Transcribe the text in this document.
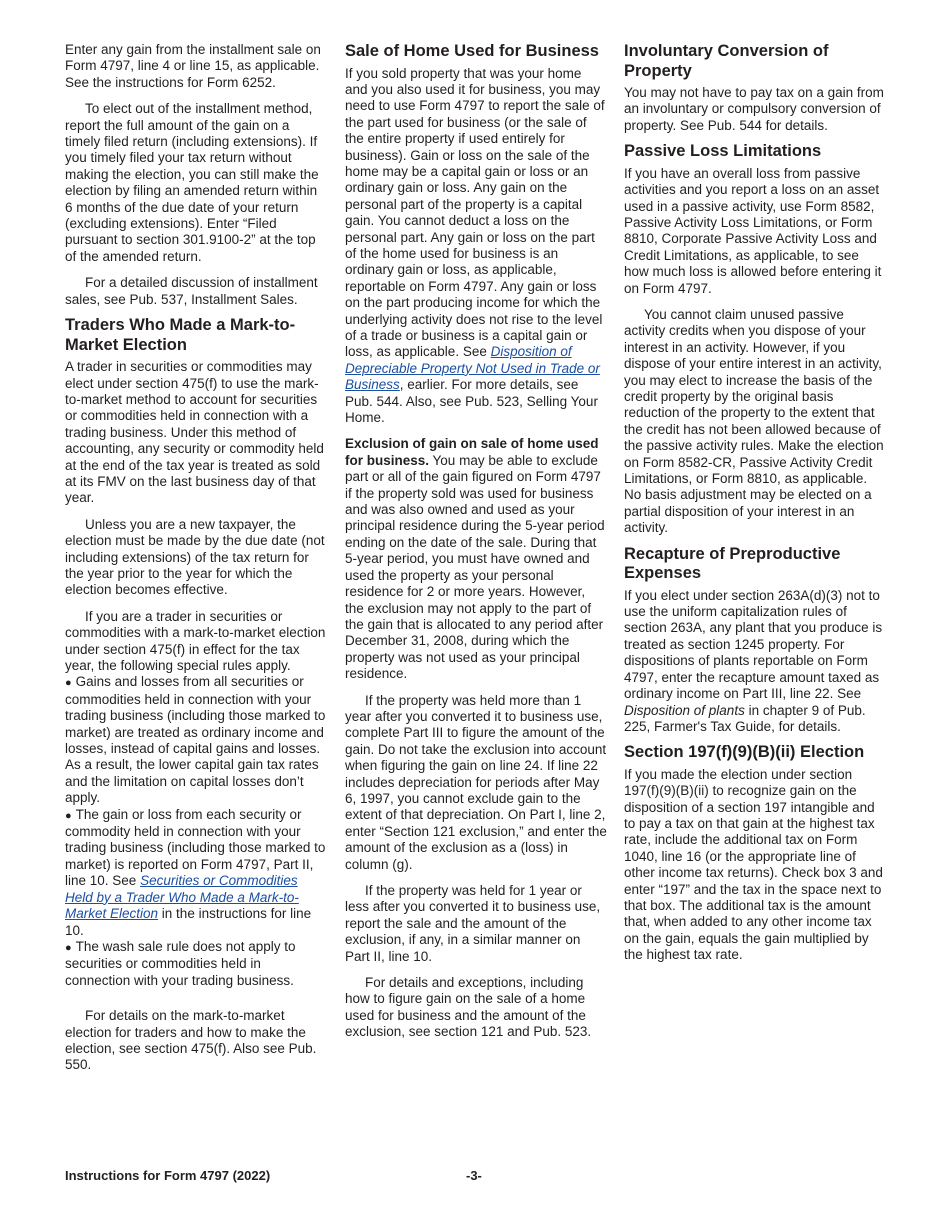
Enter any gain from the installment sale on Form 4797, line 4 or line 15, as applicable. See the instructions for Form 6252.

To elect out of the installment method, report the full amount of the gain on a timely filed return (including extensions). If you timely filed your tax return without making the election, you can still make the election by filing an amended return within 6 months of the due date of your return (excluding extensions). Enter “Filed pursuant to section 301.9100-2” at the top of the amended return.

For a detailed discussion of installment sales, see Pub. 537, Installment Sales.

Traders Who Made a Mark-to-Market Election

A trader in securities or commodities may elect under section 475(f) to use the mark-to-market method to account for securities or commodities held in connection with a trading business. Under this method of accounting, any security or commodity held at the end of the tax year is treated as sold at its FMV on the last business day of that year.

Unless you are a new taxpayer, the election must be made by the due date (not including extensions) of the tax return for the year prior to the year for which the election becomes effective.

If you are a trader in securities or commodities with a mark-to-market election under section 475(f) in effect for the tax year, the following special rules apply.

● Gains and losses from all securities or commodities held in connection with your trading business (including those marked to market) are treated as ordinary income and losses, instead of capital gains and losses. As a result, the lower capital gain tax rates and the limitation on capital losses don’t apply.

● The gain or loss from each security or commodity held in connection with your trading business (including those marked to market) is reported on Form 4797, Part II, line 10. See Securities or Commodities Held by a Trader Who Made a Mark-to-Market Election in the instructions for line 10.

● The wash sale rule does not apply to securities or commodities held in connection with your trading business.

For details on the mark-to-market election for traders and how to make the election, see section 475(f). Also see Pub. 550.

Sale of Home Used for Business

If you sold property that was your home and you also used it for business, you may need to use Form 4797 to report the sale of the part used for business (or the sale of the entire property if used entirely for business). Gain or loss on the sale of the home may be a capital gain or loss or an ordinary gain or loss. Any gain on the personal part of the property is a capital gain. You cannot deduct a loss on the personal part. Any gain or loss on the part of the home used for business is an ordinary gain or loss, as applicable, reportable on Form 4797. Any gain or loss on the part producing income for which the underlying activity does not rise to the level of a trade or business is a capital gain or loss, as applicable. See Disposition of Depreciable Property Not Used in Trade or Business, earlier. For more details, see Pub. 544. Also, see Pub. 523, Selling Your Home.

Exclusion of gain on sale of home used for business. You may be able to exclude part or all of the gain figured on Form 4797 if the property sold was used for business and was also owned and used as your principal residence during the 5-year period ending on the date of the sale. During that 5-year period, you must have owned and used the property as your personal residence for 2 or more years. However, the exclusion may not apply to the part of the gain that is allocated to any period after December 31, 2008, during which the property was not used as your principal residence.

If the property was held more than 1 year after you converted it to business use, complete Part III to figure the amount of the gain. Do not take the exclusion into account when figuring the gain on line 24. If line 22 includes depreciation for periods after May 6, 1997, you cannot exclude gain to the extent of that depreciation. On Part I, line 2, enter “Section 121 exclusion,” and enter the amount of the exclusion as a (loss) in column (g).

If the property was held for 1 year or less after you converted it to business use, report the sale and the amount of the exclusion, if any, in a similar manner on Part II, line 10.

For details and exceptions, including how to figure gain on the sale of a home used for business and the amount of the exclusion, see section 121 and Pub. 523.

Involuntary Conversion of Property

You may not have to pay tax on a gain from an involuntary or compulsory conversion of property. See Pub. 544 for details.

Passive Loss Limitations

If you have an overall loss from passive activities and you report a loss on an asset used in a passive activity, use Form 8582, Passive Activity Loss Limitations, or Form 8810, Corporate Passive Activity Loss and Credit Limitations, as applicable, to see how much loss is allowed before entering it on Form 4797.

You cannot claim unused passive activity credits when you dispose of your interest in an activity. However, if you dispose of your entire interest in an activity, you may elect to increase the basis of the credit property by the original basis reduction of the property to the extent that the credit has not been allowed because of the passive activity rules. Make the election on Form 8582-CR, Passive Activity Credit Limitations, or Form 8810, as applicable. No basis adjustment may be elected on a partial disposition of your interest in an activity.

Recapture of Preproductive Expenses

If you elect under section 263A(d)(3) not to use the uniform capitalization rules of section 263A, any plant that you produce is treated as section 1245 property. For dispositions of plants reportable on Form 4797, enter the recapture amount taxed as ordinary income on Part III, line 22. See Disposition of plants in chapter 9 of Pub. 225, Farmer's Tax Guide, for details.

Section 197(f)(9)(B)(ii) Election

If you made the election under section 197(f)(9)(B)(ii) to recognize gain on the disposition of a section 197 intangible and to pay a tax on that gain at the highest tax rate, include the additional tax on Form 1040, line 16 (or the appropriate line of other income tax returns). Check box 3 and enter “197” and the tax in the space next to that box. The additional tax is the amount that, when added to any other income tax on the gain, equals the gain multiplied by the highest tax rate.

Instructions for Form 4797 (2022)	-3-
